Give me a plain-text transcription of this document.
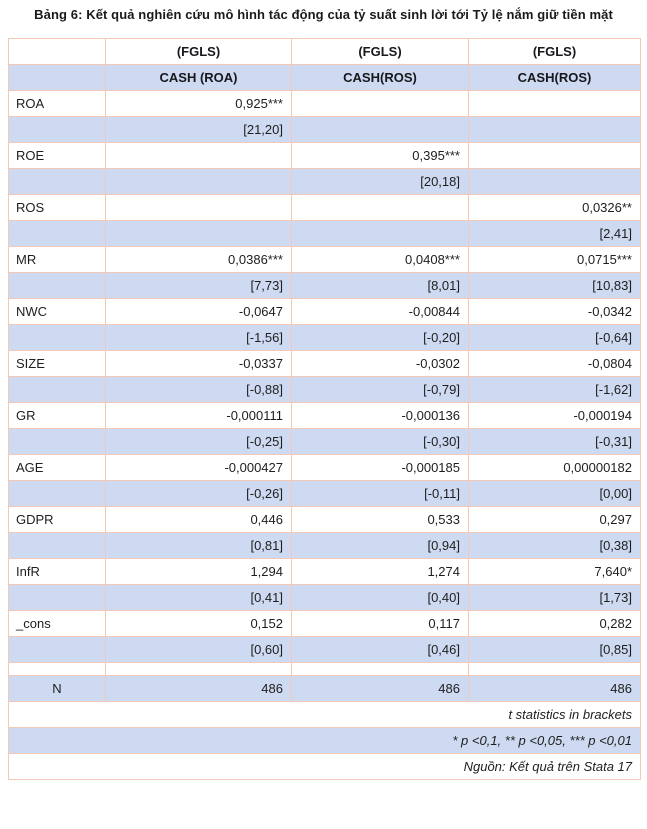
Bảng 6: Kết quả nghiên cứu mô hình tác động của tỷ suất sinh lời tới Tỷ lệ nắm giữ tiền mặt
	(FGLS)	(FGLS)	(FGLS)
	CASH (ROA)	CASH(ROS)	CASH(ROS)
ROA	0,925***		
	[21,20]		
ROE		0,395***	
		[20,18]	
ROS			0,0326**
			[2,41]
MR	0,0386***	0,0408***	0,0715***
	[7,73]	[8,01]	[10,83]
NWC	-0,0647	-0,00844	-0,0342
	[-1,56]	[-0,20]	[-0,64]
SIZE	-0,0337	-0,0302	-0,0804
	[-0,88]	[-0,79]	[-1,62]
GR	-0,000111	-0,000136	-0,000194
	[-0,25]	[-0,30]	[-0,31]
AGE	-0,000427	-0,000185	0,00000182
	[-0,26]	[-0,11]	[0,00]
GDPR	0,446	0,533	0,297
	[0,81]	[0,94]	[0,38]
InfR	1,294	1,274	7,640*
	[0,41]	[0,40]	[1,73]
_cons	0,152	0,117	0,282
	[0,60]	[0,46]	[0,85]

N	486	486	486
t statistics in brackets			
* p <0,1, ** p <0,05, *** p <0,01			
Nguồn: Kết quả trên Stata 17			
